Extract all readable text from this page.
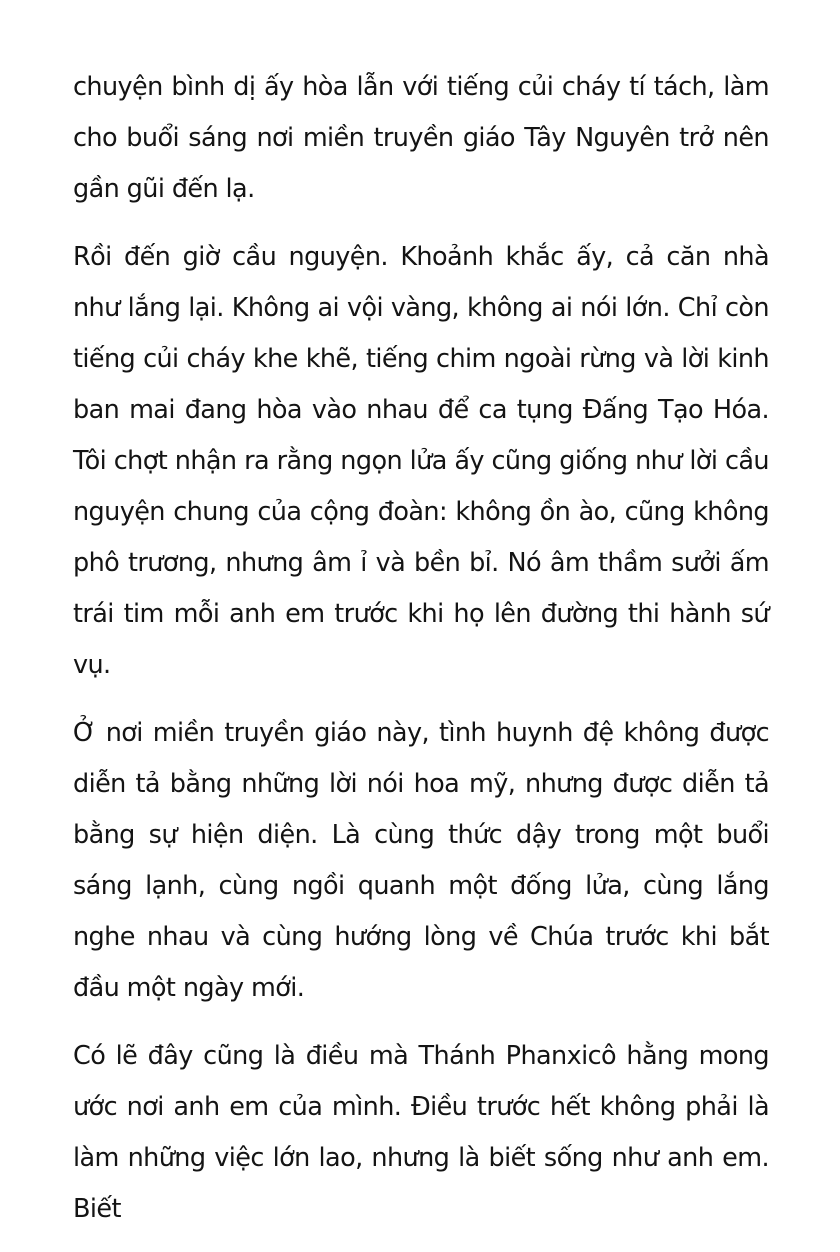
chuyện bình dị ấy hòa lẫn với tiếng củi cháy tí tách, làm cho buổi sáng nơi miền truyền giáo Tây Nguyên trở nên gần gũi đến lạ.

Rồi đến giờ cầu nguyện. Khoảnh khắc ấy, cả căn nhà như lắng lại. Không ai vội vàng, không ai nói lớn. Chỉ còn tiếng củi cháy khe khẽ, tiếng chim ngoài rừng và lời kinh ban mai đang hòa vào nhau để ca tụng Đấng Tạo Hóa. Tôi chợt nhận ra rằng ngọn lửa ấy cũng giống như lời cầu nguyện chung của cộng đoàn: không ồn ào, cũng không phô trương, nhưng âm ỉ và bền bỉ. Nó âm thầm sưởi ấm trái tim mỗi anh em trước khi họ lên đường thi hành sứ vụ.

Ở nơi miền truyền giáo này, tình huynh đệ không được diễn tả bằng những lời nói hoa mỹ, nhưng được diễn tả bằng sự hiện diện. Là cùng thức dậy trong một buổi sáng lạnh, cùng ngồi quanh một đống lửa, cùng lắng nghe nhau và cùng hướng lòng về Chúa trước khi bắt đầu một ngày mới.

Có lẽ đây cũng là điều mà Thánh Phanxicô hằng mong ước nơi anh em của mình. Điều trước hết không phải là làm những việc lớn lao, nhưng là biết sống như anh em. Biết
